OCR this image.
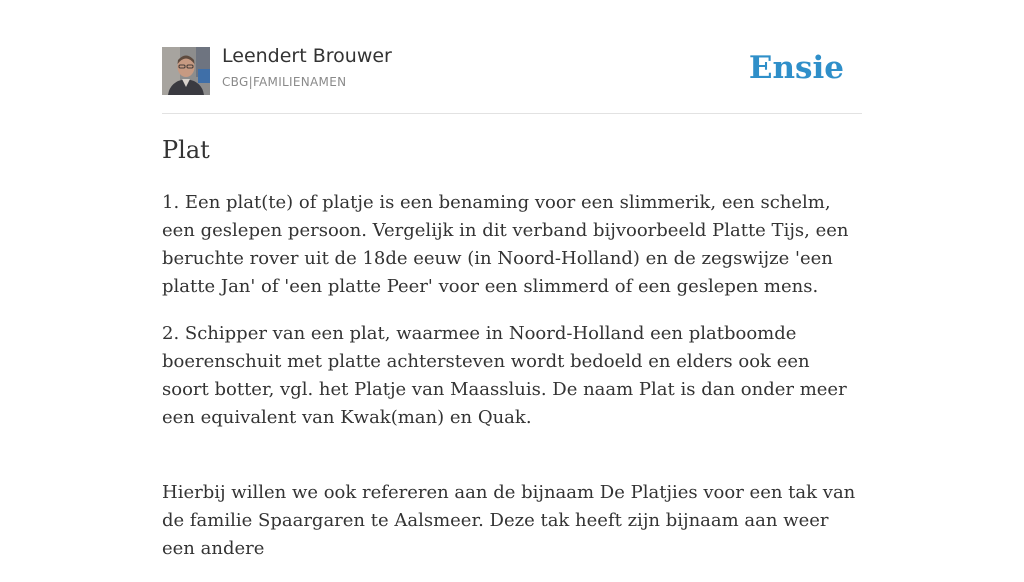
Leendert Brouwer
CBG|FAMILIENAMEN	Ensie
Plat

1. Een plat(te) of platje is een benaming voor een slimmerik, een schelm, een geslepen persoon. Vergelijk in dit verband bijvoorbeeld Platte Tijs, een beruchte rover uit de 18de eeuw (in Noord-Holland) en de zegswijze 'een platte Jan' of 'een platte Peer' voor een slimmerd of een geslepen mens.

2. Schipper van een plat, waarmee in Noord-Holland een platboomde boerenschuit met platte achtersteven wordt bedoeld en elders ook een soort botter, vgl. het Platje van Maassluis. De naam Plat is dan onder meer een equivalent van Kwak(man) en Quak.

Hierbij willen we ook refereren aan de bijnaam De Platjies voor een tak van de familie Spaargaren te Aalsmeer. Deze tak heeft zijn bijnaam aan weer een andere
